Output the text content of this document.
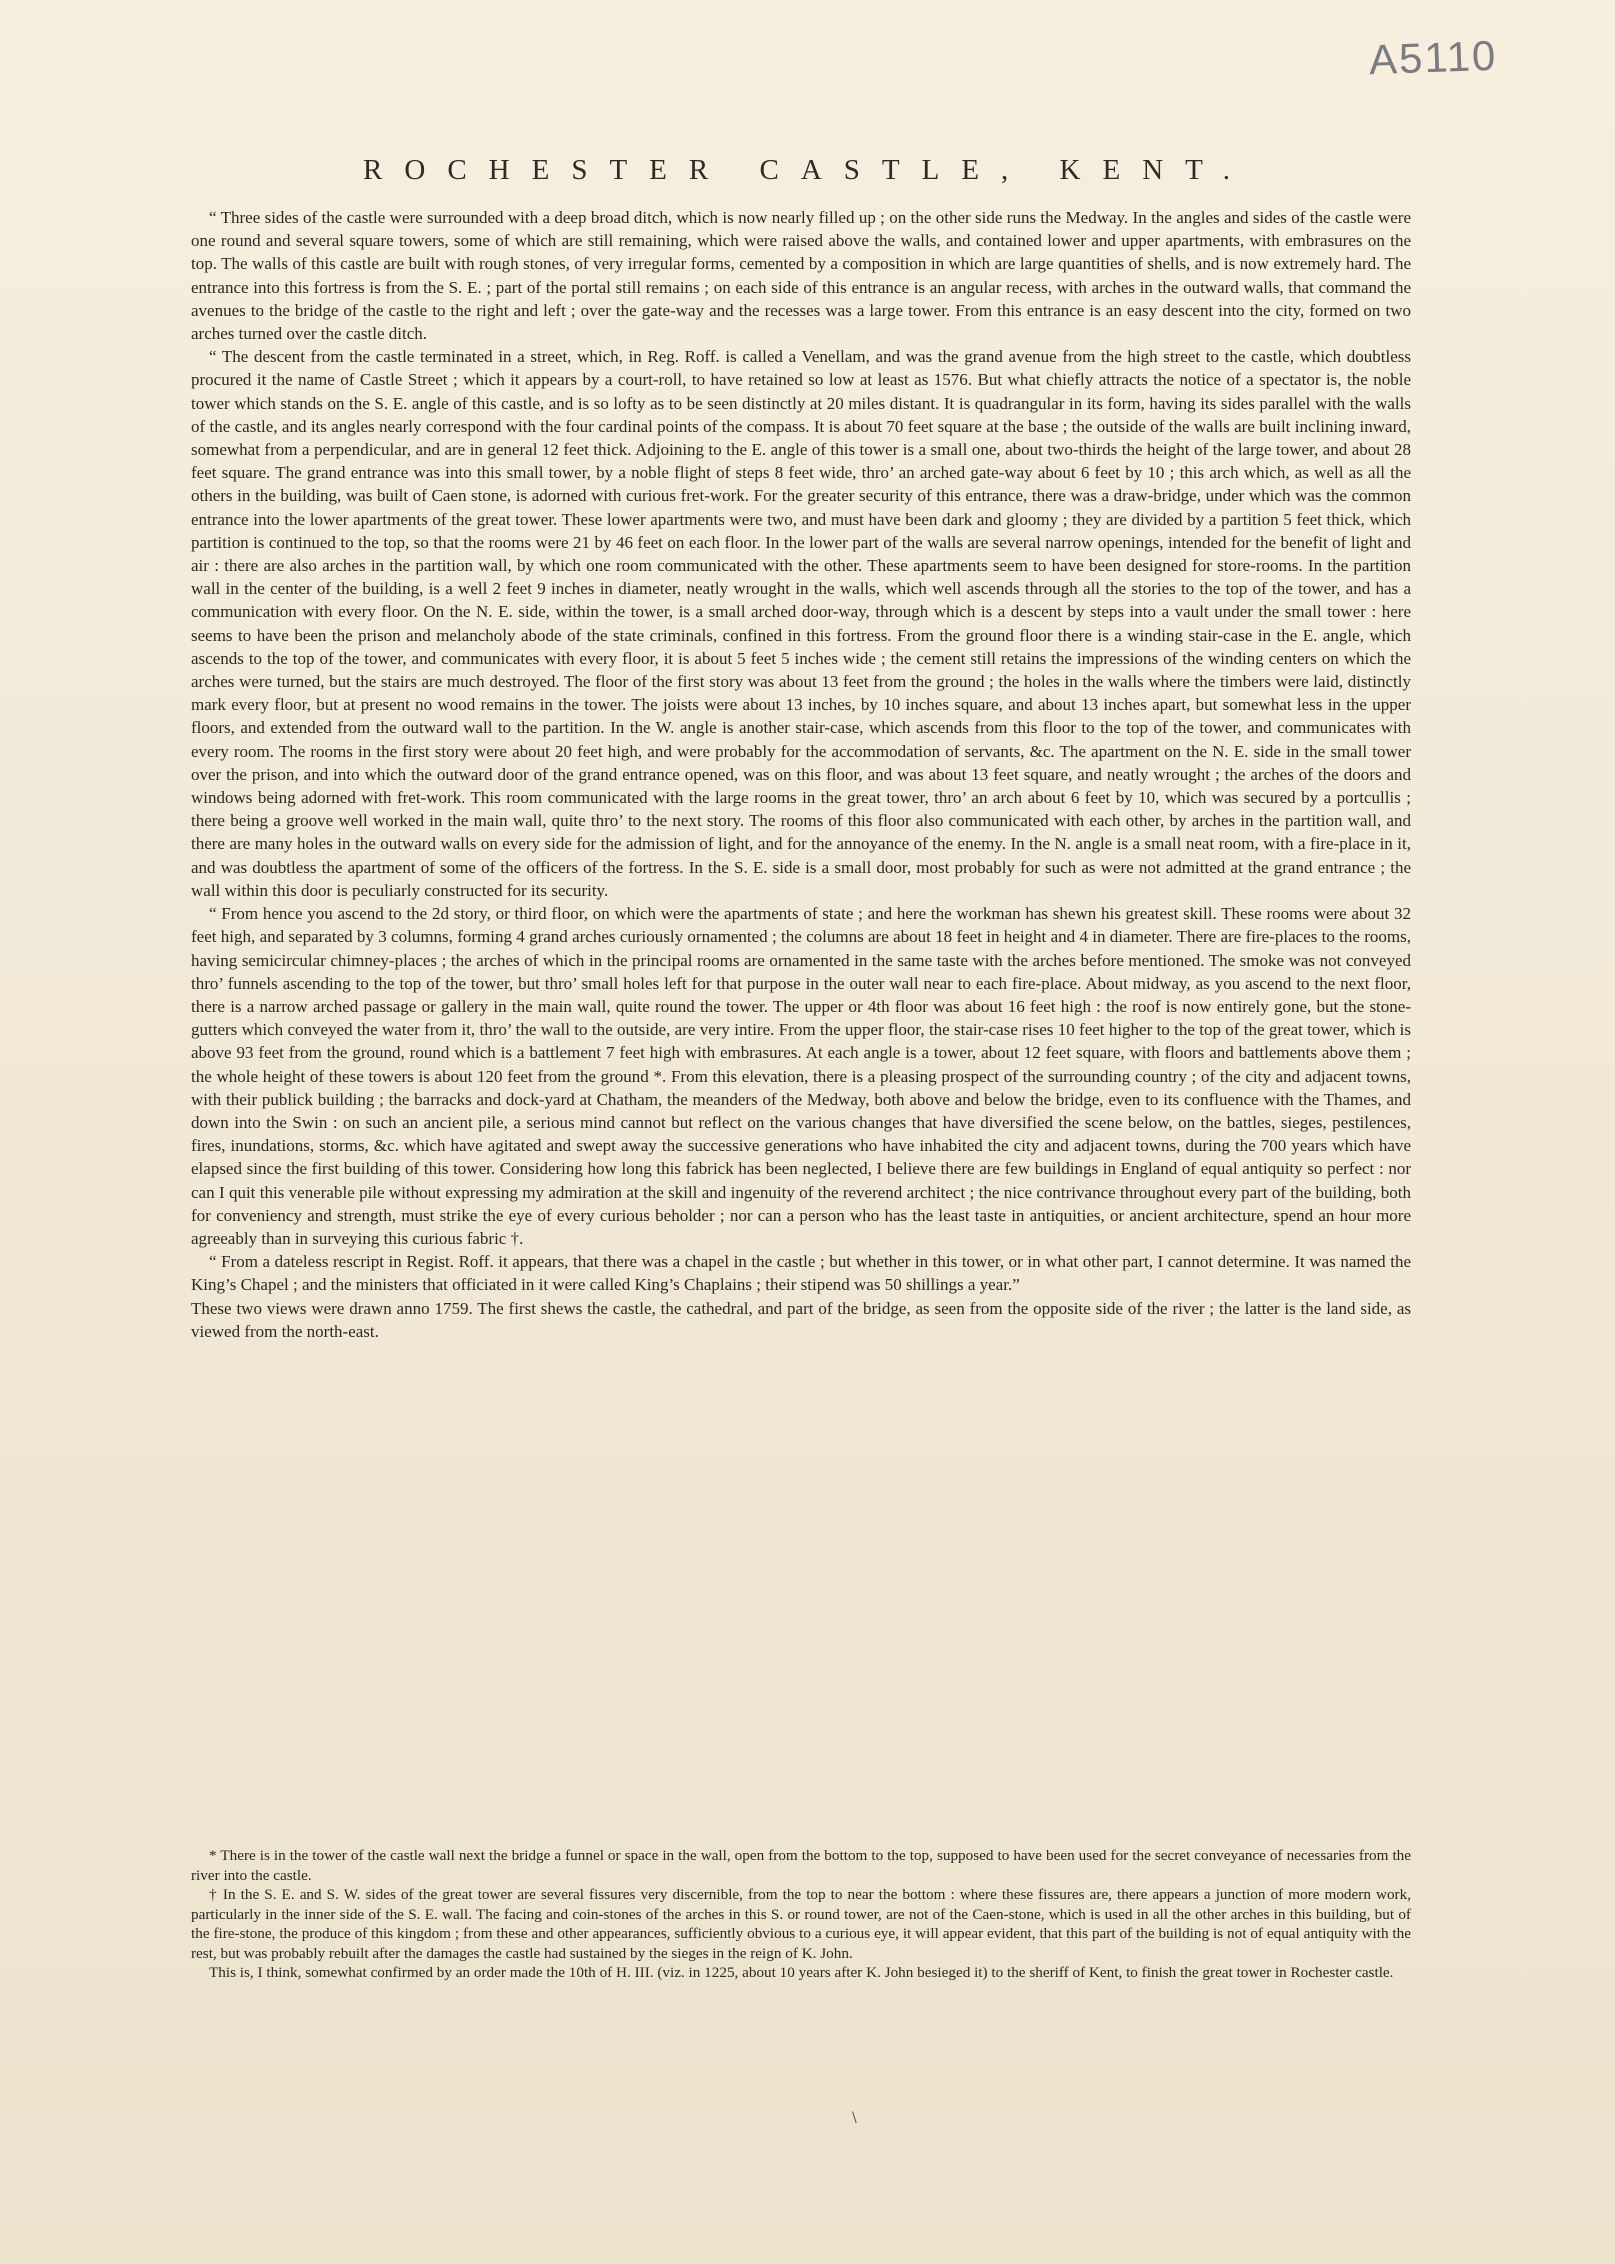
A5110
ROCHESTER CASTLE, KENT.

“ Three sides of the castle were surrounded with a deep broad ditch, which is now nearly filled up ; on the other side runs the Medway. In the angles and sides of the castle were one round and several square towers, some of which are still remaining, which were raised above the walls, and contained lower and upper apartments, with embrasures on the top. The walls of this castle are built with rough stones, of very irregular forms, cemented by a composition in which are large quantities of shells, and is now extremely hard. The entrance into this fortress is from the S. E. ; part of the portal still remains ; on each side of this entrance is an angular recess, with arches in the outward walls, that command the avenues to the bridge of the castle to the right and left ; over the gate-way and the recesses was a large tower. From this entrance is an easy descent into the city, formed on two arches turned over the castle ditch.

“ The descent from the castle terminated in a street, which, in Reg. Roff. is called a Venellam, and was the grand avenue from the high street to the castle, which doubtless procured it the name of Castle Street ; which it appears by a court-roll, to have retained so low at least as 1576. But what chiefly attracts the notice of a spectator is, the noble tower which stands on the S. E. angle of this castle, and is so lofty as to be seen distinctly at 20 miles distant. It is quadrangular in its form, having its sides parallel with the walls of the castle, and its angles nearly correspond with the four cardinal points of the compass. It is about 70 feet square at the base ; the outside of the walls are built inclining inward, somewhat from a perpendicular, and are in general 12 feet thick. Adjoining to the E. angle of this tower is a small one, about two-thirds the height of the large tower, and about 28 feet square. The grand entrance was into this small tower, by a noble flight of steps 8 feet wide, thro’ an arched gate-way about 6 feet by 10 ; this arch which, as well as all the others in the building, was built of Caen stone, is adorned with curious fret-work. For the greater security of this entrance, there was a draw-bridge, under which was the common entrance into the lower apartments of the great tower. These lower apartments were two, and must have been dark and gloomy ; they are divided by a partition 5 feet thick, which partition is continued to the top, so that the rooms were 21 by 46 feet on each floor. In the lower part of the walls are several narrow openings, intended for the benefit of light and air : there are also arches in the partition wall, by which one room communicated with the other. These apartments seem to have been designed for store-rooms. In the partition wall in the center of the building, is a well 2 feet 9 inches in diameter, neatly wrought in the walls, which well ascends through all the stories to the top of the tower, and has a communication with every floor. On the N. E. side, within the tower, is a small arched door-way, through which is a descent by steps into a vault under the small tower : here seems to have been the prison and melancholy abode of the state criminals, confined in this fortress. From the ground floor there is a winding stair-case in the E. angle, which ascends to the top of the tower, and communicates with every floor, it is about 5 feet 5 inches wide ; the cement still retains the impressions of the winding centers on which the arches were turned, but the stairs are much destroyed. The floor of the first story was about 13 feet from the ground ; the holes in the walls where the timbers were laid, distinctly mark every floor, but at present no wood remains in the tower. The joists were about 13 inches, by 10 inches square, and about 13 inches apart, but somewhat less in the upper floors, and extended from the outward wall to the partition. In the W. angle is another stair-case, which ascends from this floor to the top of the tower, and communicates with every room. The rooms in the first story were about 20 feet high, and were probably for the accommodation of servants, &c. The apartment on the N. E. side in the small tower over the prison, and into which the outward door of the grand entrance opened, was on this floor, and was about 13 feet square, and neatly wrought ; the arches of the doors and windows being adorned with fret-work. This room communicated with the large rooms in the great tower, thro’ an arch about 6 feet by 10, which was secured by a portcullis ; there being a groove well worked in the main wall, quite thro’ to the next story. The rooms of this floor also communicated with each other, by arches in the partition wall, and there are many holes in the outward walls on every side for the admission of light, and for the annoyance of the enemy. In the N. angle is a small neat room, with a fire-place in it, and was doubtless the apartment of some of the officers of the fortress. In the S. E. side is a small door, most probably for such as were not admitted at the grand entrance ; the wall within this door is peculiarly constructed for its security.

“ From hence you ascend to the 2d story, or third floor, on which were the apartments of state ; and here the workman has shewn his greatest skill. These rooms were about 32 feet high, and separated by 3 columns, forming 4 grand arches curiously ornamented ; the columns are about 18 feet in height and 4 in diameter. There are fire-places to the rooms, having semicircular chimney-places ; the arches of which in the principal rooms are ornamented in the same taste with the arches before mentioned. The smoke was not conveyed thro’ funnels ascending to the top of the tower, but thro’ small holes left for that purpose in the outer wall near to each fire-place. About midway, as you ascend to the next floor, there is a narrow arched passage or gallery in the main wall, quite round the tower. The upper or 4th floor was about 16 feet high : the roof is now entirely gone, but the stone-gutters which conveyed the water from it, thro’ the wall to the outside, are very intire. From the upper floor, the stair-case rises 10 feet higher to the top of the great tower, which is above 93 feet from the ground, round which is a battlement 7 feet high with embrasures. At each angle is a tower, about 12 feet square, with floors and battlements above them ; the whole height of these towers is about 120 feet from the ground *. From this elevation, there is a pleasing prospect of the surrounding country ; of the city and adjacent towns, with their publick building ; the barracks and dock-yard at Chatham, the meanders of the Medway, both above and below the bridge, even to its confluence with the Thames, and down into the Swin : on such an ancient pile, a serious mind cannot but reflect on the various changes that have diversified the scene below, on the battles, sieges, pestilences, fires, inundations, storms, &c. which have agitated and swept away the successive generations who have inhabited the city and adjacent towns, during the 700 years which have elapsed since the first building of this tower. Considering how long this fabrick has been neglected, I believe there are few buildings in England of equal antiquity so perfect : nor can I quit this venerable pile without expressing my admiration at the skill and ingenuity of the reverend architect ; the nice contrivance throughout every part of the building, both for conveniency and strength, must strike the eye of every curious beholder ; nor can a person who has the least taste in antiquities, or ancient architecture, spend an hour more agreeably than in surveying this curious fabric †.

“ From a dateless rescript in Regist. Roff. it appears, that there was a chapel in the castle ; but whether in this tower, or in what other part, I cannot determine. It was named the King’s Chapel ; and the ministers that officiated in it were called King’s Chaplains ; their stipend was 50 shillings a year.”

These two views were drawn anno 1759. The first shews the castle, the cathedral, and part of the bridge, as seen from the opposite side of the river ; the latter is the land side, as viewed from the north-east.

* There is in the tower of the castle wall next the bridge a funnel or space in the wall, open from the bottom to the top, supposed to have been used for the secret conveyance of necessaries from the river into the castle.

† In the S. E. and S. W. sides of the great tower are several fissures very discernible, from the top to near the bottom : where these fissures are, there appears a junction of more modern work, particularly in the inner side of the S. E. wall. The facing and coin-stones of the arches in this S. or round tower, are not of the Caen-stone, which is used in all the other arches in this building, but of the fire-stone, the produce of this kingdom ; from these and other appearances, sufficiently obvious to a curious eye, it will appear evident, that this part of the building is not of equal antiquity with the rest, but was probably rebuilt after the damages the castle had sustained by the sieges in the reign of K. John.

This is, I think, somewhat confirmed by an order made the 10th of H. III. (viz. in 1225, about 10 years after K. John besieged it) to the sheriff of Kent, to finish the great tower in Rochester castle.

\
